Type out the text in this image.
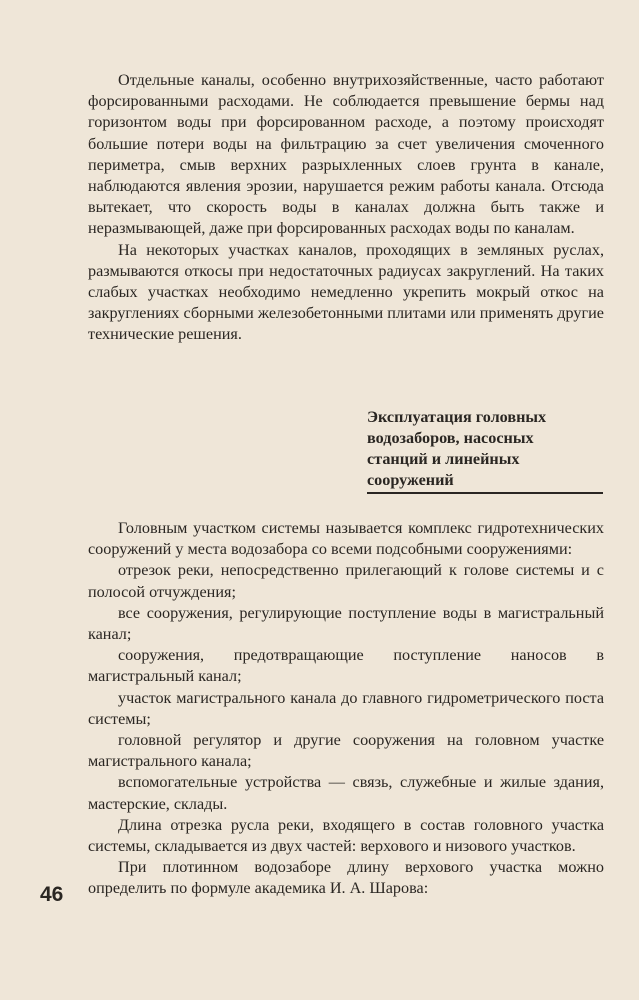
Отдельные каналы, особенно внутрихозяйственные, часто работают форсированными расходами. Не соблюдается превышение бермы над горизонтом воды при форсированном расходе, а поэтому происходят большие потери воды на фильтрацию за счет увеличения смоченного периметра, смыв верхних разрыхленных слоев грунта в канале, наблюдаются явления эрозии, нарушается режим работы канала. Отсюда вытекает, что скорость воды в каналах должна быть также и неразмывающей, даже при форсированных расходах воды по каналам.

На некоторых участках каналов, проходящих в земляных руслах, размываются откосы при недостаточных радиусах закруглений. На таких слабых участках необходимо немедленно укрепить мокрый откос на закруглениях сборными железобетонными плитами или применять другие технические решения.

Эксплуатация головных
водозаборов, насосных
станций и линейных
сооружений

Головным участком системы называется комплекс гидротехнических сооружений у места водозабора со всеми подсобными сооружениями:

отрезок реки, непосредственно прилегающий к голове системы и с полосой отчуждения;

все сооружения, регулирующие поступление воды в магистральный канал;

сооружения, предотвращающие поступление наносов в магистральный канал;

участок магистрального канала до главного гидрометрического поста системы;

головной регулятор и другие сооружения на головном участке магистрального канала;

вспомогательные устройства — связь, служебные и жилые здания, мастерские, склады.

Длина отрезка русла реки, входящего в состав головного участка системы, складывается из двух частей: верхового и низового участков.

При плотинном водозаборе длину верхового участка можно определить по формуле академика И. А. Шарова:

46
